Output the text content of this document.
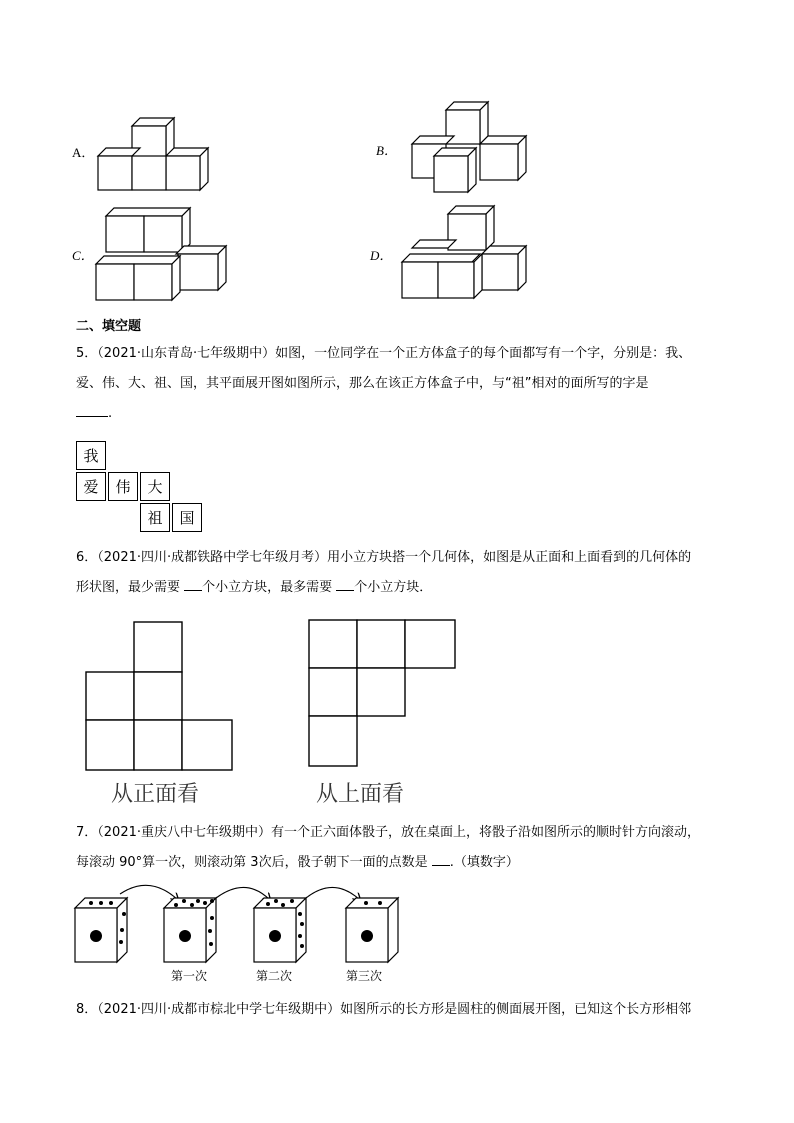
A．	B．
C．	D．
二、填空题
5．（2021·山东青岛·七年级期中）如图，一位同学在一个正方体盒子的每个面都写有一个字，分别是：我、
爱、伟、大、祖、国，其平面展开图如图所示，那么在该正方体盒子中，与“祖”相对的面所写的字是
.
我
爱	伟	大
祖	国
6．（2021·四川·成都铁路中学七年级月考）用小立方块搭一个几何体，如图是从正面和上面看到的几何体的
形状图，最少需要 个小立方块，最多需要 个小立方块．
从正面看	从上面看
7．（2021·重庆八中七年级期中）有一个正六面体骰子，放在桌面上，将骰子沿如图所示的顺时针方向滚动，
每滚动 90°算一次，则滚动第 3次后，骰子朝下一面的点数是 .（填数字）
第一次	第二次	第三次
8．（2021·四川·成都市棕北中学七年级期中）如图所示的长方形是圆柱的侧面展开图，已知这个长方形相邻
